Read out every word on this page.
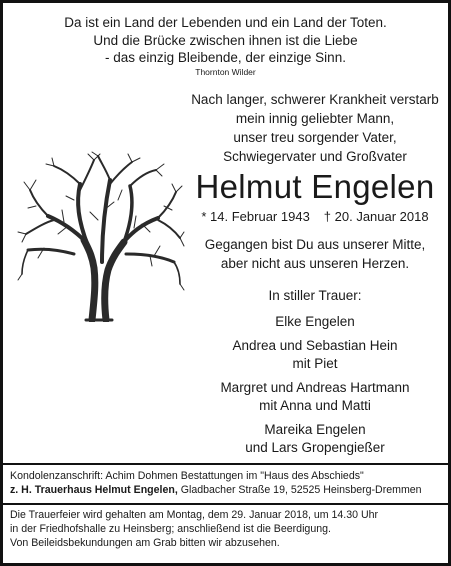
Da ist ein Land der Lebenden und ein Land der Toten.
Und die Brücke zwischen ihnen ist die Liebe
- das einzig Bleibende, der einzige Sinn.
Thornton Wilder
Nach langer, schwerer Krankheit verstarb
mein innig geliebter Mann,
unser treu sorgender Vater,
Schwiegervater und Großvater
Helmut Engelen
* 14. Februar 1943 † 20. Januar 2018
Gegangen bist Du aus unserer Mitte,
aber nicht aus unseren Herzen.
In stiller Trauer:
Elke Engelen
Andrea und Sebastian Hein
mit Piet
Margret und Andreas Hartmann
mit Anna und Matti
Mareika Engelen
und Lars Gropengießer
Kondolenzanschrift: Achim Dohmen Bestattungen im "Haus des Abschieds"
z. H. Trauerhaus Helmut Engelen, Gladbacher Straße 19, 52525 Heinsberg-Dremmen
Die Trauerfeier wird gehalten am Montag, dem 29. Januar 2018, um 14.30 Uhr
in der Friedhofshalle zu Heinsberg; anschließend ist die Beerdigung.
Von Beileidsbekundungen am Grab bitten wir abzusehen.
